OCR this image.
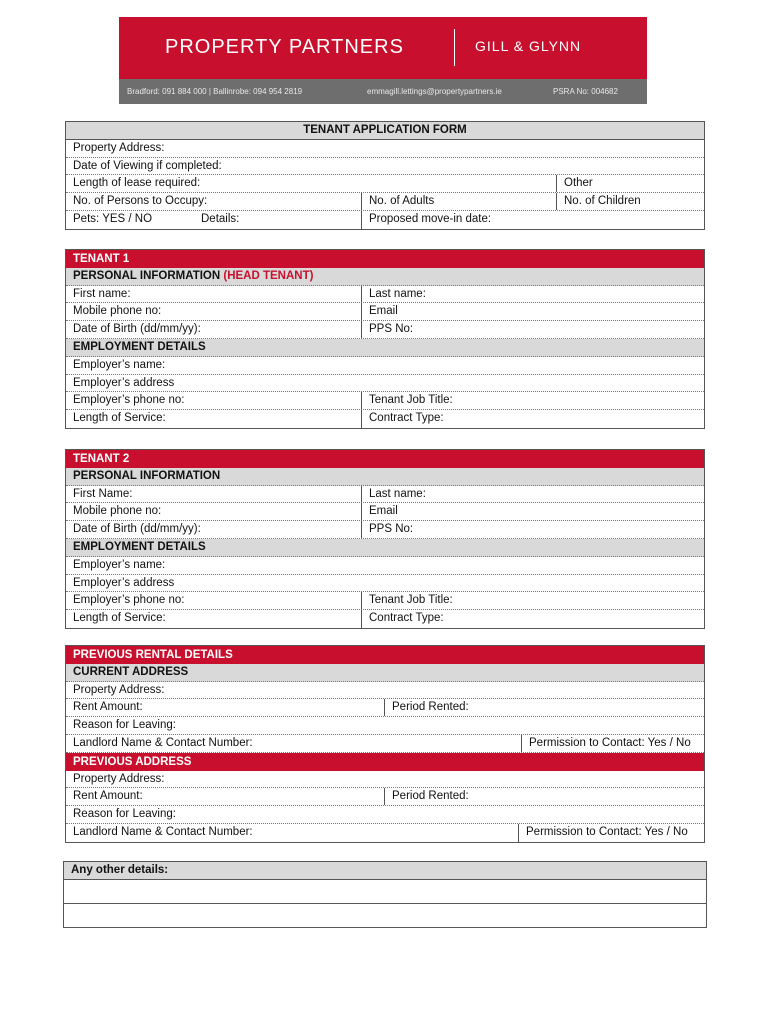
PROPERTY PARTNERS	GILL & GLYNN
Bradford: 091 884 000 | Ballinrobe: 094 954 2819	emmagill.lettings@propertypartners.ie	PSRA No: 004682
TENANT APPLICATION FORM
Property Address:
Date of Viewing if completed:
Length of lease required:	Other
No. of Persons to Occupy:	No. of Adults	No. of Children
Pets: YES / NO	Details:	Proposed move-in date:
TENANT 1
PERSONAL INFORMATION (HEAD TENANT)
First name:	Last name:
Mobile phone no:	Email
Date of Birth (dd/mm/yy):	PPS No:
EMPLOYMENT DETAILS
Employer’s name:
Employer’s address
Employer’s phone no:	Tenant Job Title:
Length of Service:	Contract Type:
TENANT 2
PERSONAL INFORMATION
First Name:	Last name:
Mobile phone no:	Email
Date of Birth (dd/mm/yy):	PPS No:
EMPLOYMENT DETAILS
Employer’s name:
Employer’s address
Employer’s phone no:	Tenant Job Title:
Length of Service:	Contract Type:
PREVIOUS RENTAL DETAILS
CURRENT ADDRESS
Property Address:
Rent Amount:	Period Rented:
Reason for Leaving:
Landlord Name & Contact Number:	Permission to Contact: Yes / No
PREVIOUS ADDRESS
Property Address:
Rent Amount:	Period Rented:
Reason for Leaving:
Landlord Name & Contact Number:	Permission to Contact: Yes / No
Any other details:
